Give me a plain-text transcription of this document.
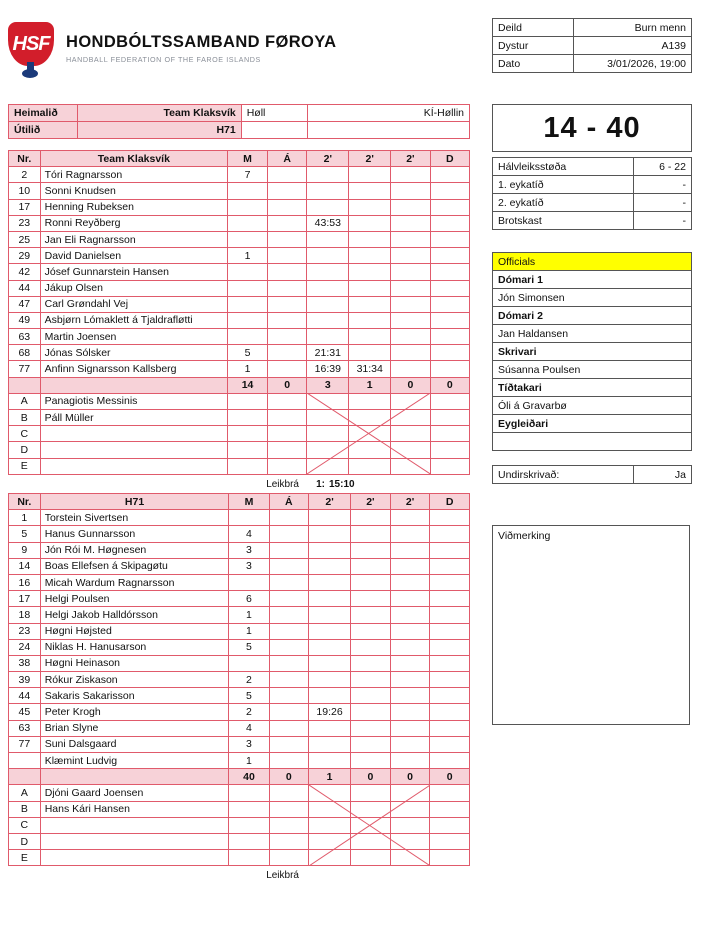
HSF HONDBÓLTSSAMBAND FØROYA
HANDBALL FEDERATION OF THE FAROE ISLANDS
Heimalið	Team Klaksvík	Høll	KÍ-Høllin
Útilið	H71		
Nr.	Team Klaksvík	M	Á	2'	2'	2'	D
2	Tóri Ragnarsson	7					
10	Sonni Knudsen						
17	Henning Rubeksen						
23	Ronni Reyðberg			43:53			
25	Jan Eli Ragnarsson						
29	David Danielsen	1					
42	Jósef Gunnarstein Hansen						
44	Jákup Olsen						
47	Carl Grøndahl Vej						
49	Asbjørn Lómaklett á Tjaldrafløtti						
63	Martin Joensen						
68	Jónas Sólsker	5		21:31			
77	Anfinn Signarsson Kallsberg	1		16:39	31:34		
		14	0	3	1	0	0
A	Panagiotis Messinis						
B	Páll Müller						
C							
D							
E							
Leikbrá 1: 15:10
Nr.	H71	M	Á	2'	2'	2'	D
1	Torstein Sivertsen						
5	Hanus Gunnarsson	4					
9	Jón Rói M. Høgnesen	3					
14	Boas Ellefsen á Skipagøtu	3					
16	Micah Wardum Ragnarsson						
17	Helgi Poulsen	6					
18	Helgi Jakob Halldórsson	1					
23	Høgni Højsted	1					
24	Niklas H. Hanusarson	5					
38	Høgni Heinason						
39	Rókur Ziskason	2					
44	Sakaris Sakarisson	5					
45	Peter Krogh	2		19:26			
63	Brian Slyne	4					
77	Suni Dalsgaard	3					
	Klæmint Ludvig	1					
		40	0	1	0	0	0
A	Djóni Gaard Joensen						
B	Hans Kári Hansen						
C							
D							
E							
Leikbrá
Deild	Burn menn
Dystur	A139
Dato	3/01/2026, 19:00
14 - 40
Hálvleiksstøða	6 - 22
1. eykatíð	-
2. eykatíð	-
Brotskast	-
Officials
Dómari 1
Jón Simonsen
Dómari 2
Jan Haldansen
Skrivari
Súsanna Poulsen
Tíðtakari
Óli á Gravarbø
Eygleiðari

Undirskrivað:	Ja
Viðmerking
